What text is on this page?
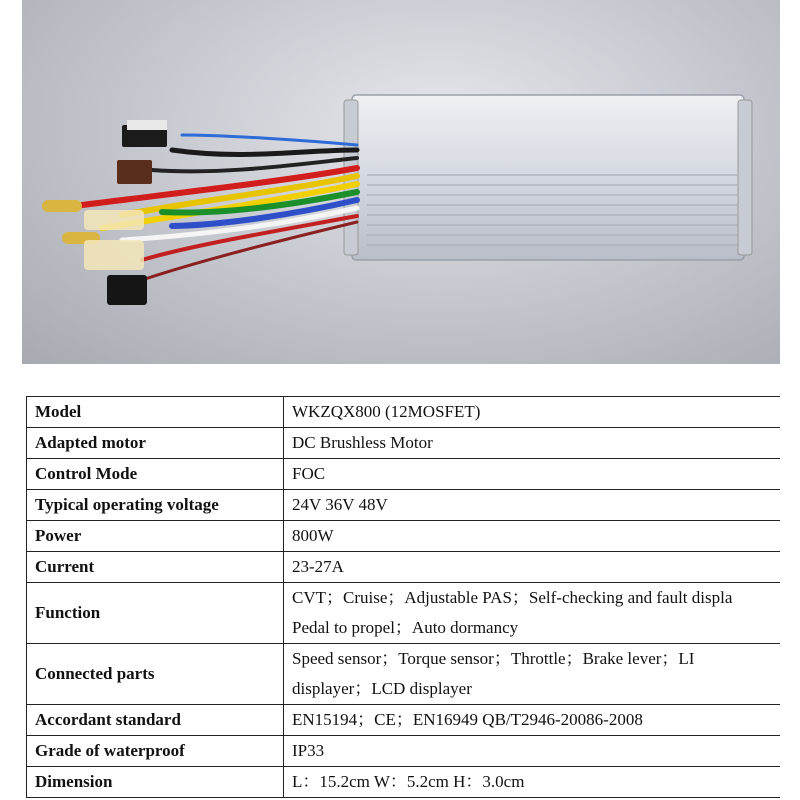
Model	WKZQX800 (12MOSFET)
Adapted motor	DC Brushless Motor
Control Mode	FOC
Typical operating voltage	24V 36V 48V
Power	800W
Current	23-27A
Function	CVT；Cruise；Adjustable PAS；Self-checking and fault displa
Pedal to propel；Auto dormancy

Connected parts	Speed sensor；Torque sensor；Throttle；Brake lever；LI
displayer；LCD displayer

Accordant standard	EN15194；CE；EN16949 QB/T2946-20086-2008
Grade of waterproof	IP33
Dimension	L：15.2cm W：5.2cm H：3.0cm
